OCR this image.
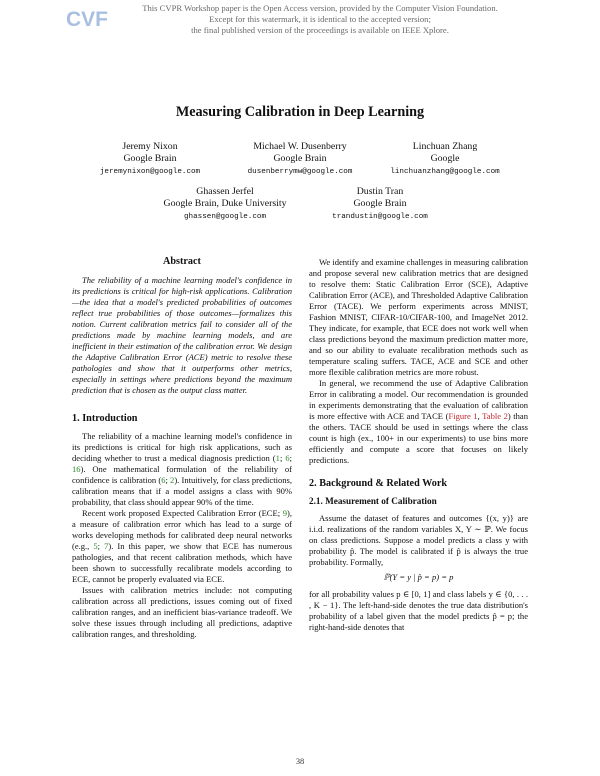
CVF	This CVPR Workshop paper is the Open Access version, provided by the Computer Vision Foundation.
Except for this watermark, it is identical to the accepted version;
the final published version of the proceedings is available on IEEE Xplore.
Measuring Calibration in Deep Learning
Jeremy Nixon
Google Brain
jeremynixon@google.com
Michael W. Dusenberry
Google Brain
dusenberrymw@google.com
Linchuan Zhang
Google
linchuanzhang@google.com
Ghassen Jerfel
Google Brain, Duke University
ghassen@google.com
Dustin Tran
Google Brain
trandustin@google.com
Abstract

The reliability of a machine learning model's confidence in its predictions is critical for high-risk applications. Calibration—the idea that a model's predicted probabilities of outcomes reflect true probabilities of those outcomes—formalizes this notion. Current calibration metrics fail to consider all of the predictions made by machine learning models, and are inefficient in their estimation of the calibration error. We design the Adaptive Calibration Error (ACE) metric to resolve these pathologies and show that it outperforms other metrics, especially in settings where predictions beyond the maximum prediction that is chosen as the output class matter.

1. Introduction

The reliability of a machine learning model's confidence in its predictions is critical for high risk applications, such as deciding whether to trust a medical diagnosis prediction (1; 6; 16). One mathematical formulation of the reliability of confidence is calibration (6; 2). Intuitively, for class predictions, calibration means that if a model assigns a class with 90% probability, that class should appear 90% of the time.

Recent work proposed Expected Calibration Error (ECE; 9), a measure of calibration error which has lead to a surge of works developing methods for calibrated deep neural networks (e.g., 5; 7). In this paper, we show that ECE has numerous pathologies, and that recent calibration methods, which have been shown to successfully recalibrate models according to ECE, cannot be properly evaluated via ECE.

Issues with calibration metrics include: not computing calibration across all predictions, issues coming out of fixed calibration ranges, and an inefficient bias-variance tradeoff. We solve these issues through including all predictions, adaptive calibration ranges, and thresholding.

We identify and examine challenges in measuring calibration and propose several new calibration metrics that are designed to resolve them: Static Calibration Error (SCE), Adaptive Calibration Error (ACE), and Thresholded Adaptive Calibration Error (TACE). We perform experiments across MNIST, Fashion MNIST, CIFAR-10/CIFAR-100, and ImageNet 2012. They indicate, for example, that ECE does not work well when class predictions beyond the maximum prediction matter more, and so our ability to evaluate recalibration methods such as temperature scaling suffers. TACE, ACE and SCE and other more flexible calibration metrics are more robust.

In general, we recommend the use of Adaptive Calibration Error in calibrating a model. Our recommendation is grounded in experiments demonstrating that the evaluation of calibration is more effective with ACE and TACE (Figure 1, Table 2) than the others. TACE should be used in settings where the class count is high (ex., 100+ in our experiments) to use bins more efficiently and compute a score that focuses on likely predictions.

2. Background & Related Work
2.1. Measurement of Calibration

Assume the dataset of features and outcomes {(x, y)} are i.i.d. realizations of the random variables X, Y ∼ ℙ. We focus on class predictions. Suppose a model predicts a class y with probability p̂. The model is calibrated if p̂ is always the true probability. Formally,

ℙ(Y = y | p̂ = p) = p

for all probability values p ∈ [0, 1] and class labels y ∈ {0, . . . , K − 1}. The left-hand-side denotes the true data distribution's probability of a label given that the model predicts p̂ = p; the right-hand-side denotes that

38
